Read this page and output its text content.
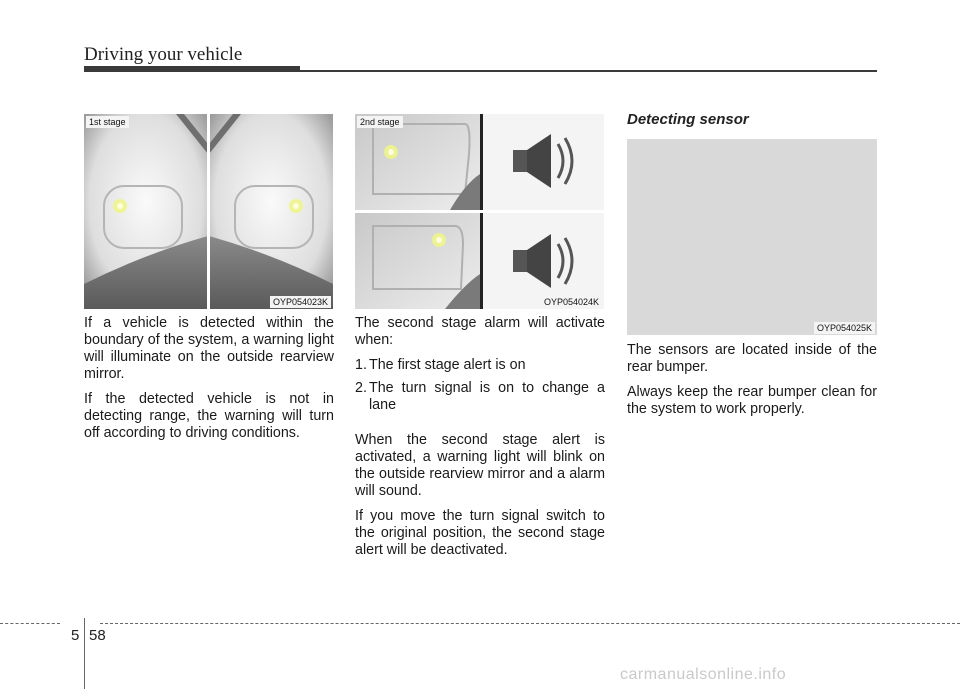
Driving your vehicle
1st stage
OYP054023K
2nd stage
OYP054024K
OYP054025K

If a vehicle is detected within the boundary of the system, a warning light will illuminate on the outside rearview mirror.

If the detected vehicle is not in detecting range, the warning will turn off according to driving conditions.

The second stage alarm will activate when:

1. The first stage alert is on
2. The turn signal is on to change a lane

When the second stage alert is activated, a warning light will blink on the outside rearview mirror and a alarm will sound.

If you move the turn signal switch to the original position, the second stage alert will be deactivated.

Detecting sensor

The sensors are located inside of the rear bumper.

Always keep the rear bumper clean for the system to work properly.

5 58
carmanualsonline.info
